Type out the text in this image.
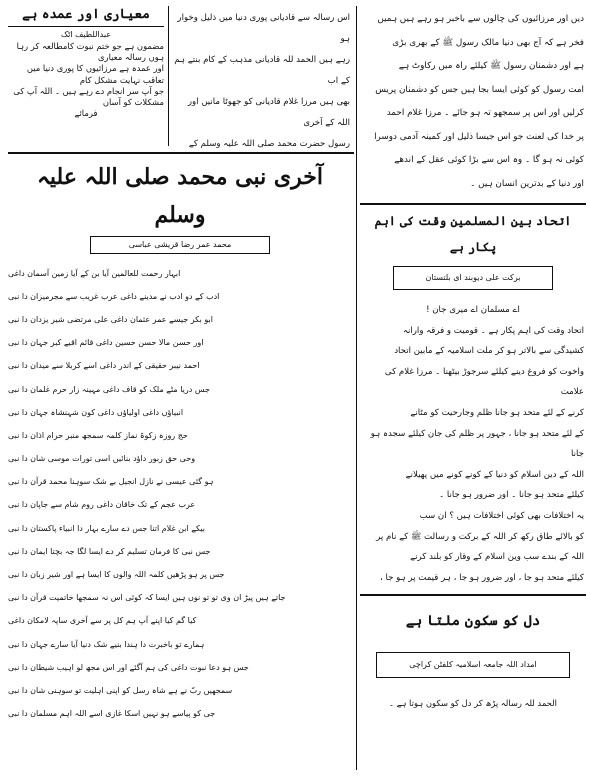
معیاری اور عمدہ ہے
عبداللطیف اٹک

مضمون ہے جو ختم نبوت کامطالعہ کر رہا ہوں رسالہ معیاری

اور عمدہ ہے مرزائیوں کا پوری دنیا میں تعاقب نہایت مشکل کام

جو آپ سر انجام دے رہے ہیں ۔ اللہ آپ کی مشکلات کو آسان

فرمائے

اس رسالہ سے قادیانی پوری دنیا میں ذلیل وخوار ہو

رہے ہیں الحمد للہ قادیانی مذہب کے کام بنتے ہم کے اب

بھی ہیں مرزا غلام قادیانی کو جھوٹا مانیں اور اللہ کے آخری

رسول حضرت محمد صلی اللہ علیہ وسلم کے

دیں اور مرزائیوں کی چالوں سے باخبر ہو رہے ہیں ہمیں

فخر ہے کہ آج بھی دنیا مالک رسول ﷺ کے بھری بڑی

ہے اور دشمنان رسول ﷺ کیلئے راہ میں رکاوٹ ہے

امت رسول کو کوئی ایسا بجا ہیں جس کو دشمنان پریس

کرلیں اور اس پر سمجھو تہ ہو جائے ۔ مرزا غلام احمد

پر خدا کی لعنت جو اس جیسا ذلیل اور کمینہ آدمی دوسرا

کوئی نہ ہو گا ۔ وہ اس سے بڑا کوئی عقل کے اندھے

اور دنیا کے بدترین انسان ہیں ۔

آخری نبی محمد صلی اللہ علیہ وسلم
محمد عمر رضا قریشی عباسی
ابہار رحمت للعالمین آیا بن کے آیا زمین آسمان داغی
ادب کے دو ادب نے مدینے داغی عرب غریب سے مجرمیزان دا نبی
ابو بکر جیسے عمر عثمان داغی علی مرتضی شیر یزدان دا نبی
اور حسن مالا حسن حسین داغی قائم اقیے کبر جہان دا نبی
احمد نیبر حقیقی کے اندر داغی اسے کربلا سے میدان دا نبی
جس دریا مٹے ملک کو قاف داغی مہینہ زار حرم غلمان دا نبی
انبیاؤں داغی اولیاؤں داغی کون شہنشاہ جہان دا نبی
حج روزہ زکوۃ نماز کلمہ سمجھ منبر حرام اذان دا نبی
وحی حق زبور داؤد بنائیں اسی تورات موسی شان دا نبی
ہو گئی عیسی نے نازل انجیل بے شک سوہنا محمد قرآن دا نبی
عرب عجم کے تک خاقان داغی روم شام سے جاپان دا نبی
بیکے ابن غلام اتنا جس دے سارے بہار دا انبیاء پاکستان دا نبی
جس نبی کا فرمان تسلیم کر دے ایسا لگا جہ بچتا ایمان دا نبی
جس پر ہو پڑھیں کلمہ اللہ والوں کا ایسا ہے اور شیر زبان دا نبی
جاتے ہیں پیڑ ان وی تو تو نوں ہیں ایسا کہ کوئی اس نہ سمجھا خاتمیت قرآن دا نبی
کیا گم کیا اپنے آپ ہم کل پر سے آخری ساپہ لامکان داغی
ہمارے تو باخبرت دا ہندا بنیے شک دنیا آیا سارے جہان دا نبی
جس ہو دعا نبوت داغی کی ہم آگئے اور اس مجھ لو اہیب شیطان دا نبی
سمجھیں ربّ نے ہے شاہ رسل کو اپنی اہلیت تو سوہنی شان دا نبی
جی کو پیاسے ہو نہیں اسکا غازی اسے اللہ اہم مسلمان دا نبی
اتحاد بین المسلمین وقت کی اہم پکار ہے
برکت علی دیوبند ای بلتستان

اے مسلمان اے میری جان !

اتحاد وقت کی اہم پکار ہے ۔ قومیت و فرقہ وارانہ

کشیدگی سے بالاتر ہو کر ملت اسلامیہ کے مابین اتحاد

واخوت کو فروغ دینے کیلئے سرجوڑ بیٹھنا ۔ مرزا غلام کی علامت

کرنے کے لئے متحد ہو جانا ظلم وجارحیت کو مٹانے

کے لئے متحد ہو جانا ، جہور پر ظلم کی جان کیلئے سجدہ ہو جانا

اللہ کے دین اسلام کو دنیا کے کونے کونے میں پھیلانے

کیلئے متحد ہو جانا ۔ اور ضرور ہو جانا ۔

یہ اختلافات بھی کوئی اختلافات ہیں ؟ ان سب

کو بالائے طاق رکھ کر اللہ کے برکت و رسالت ﷺ کے نام پر

اللہ کے بندے سب وین اسلام کے وقار کو بلند کرنے

کیلئے متحد ہو جا ، اور ضرور ہو جا ، ہر قیمت پر ہو جا ،

دل کو سکون ملتا ہے
امداد اللہ جامعہ اسلامیہ کلفٹن کراچی

الحمد للہ رسالہ پڑھ کر دل کو سکون ہوتا ہے ۔
